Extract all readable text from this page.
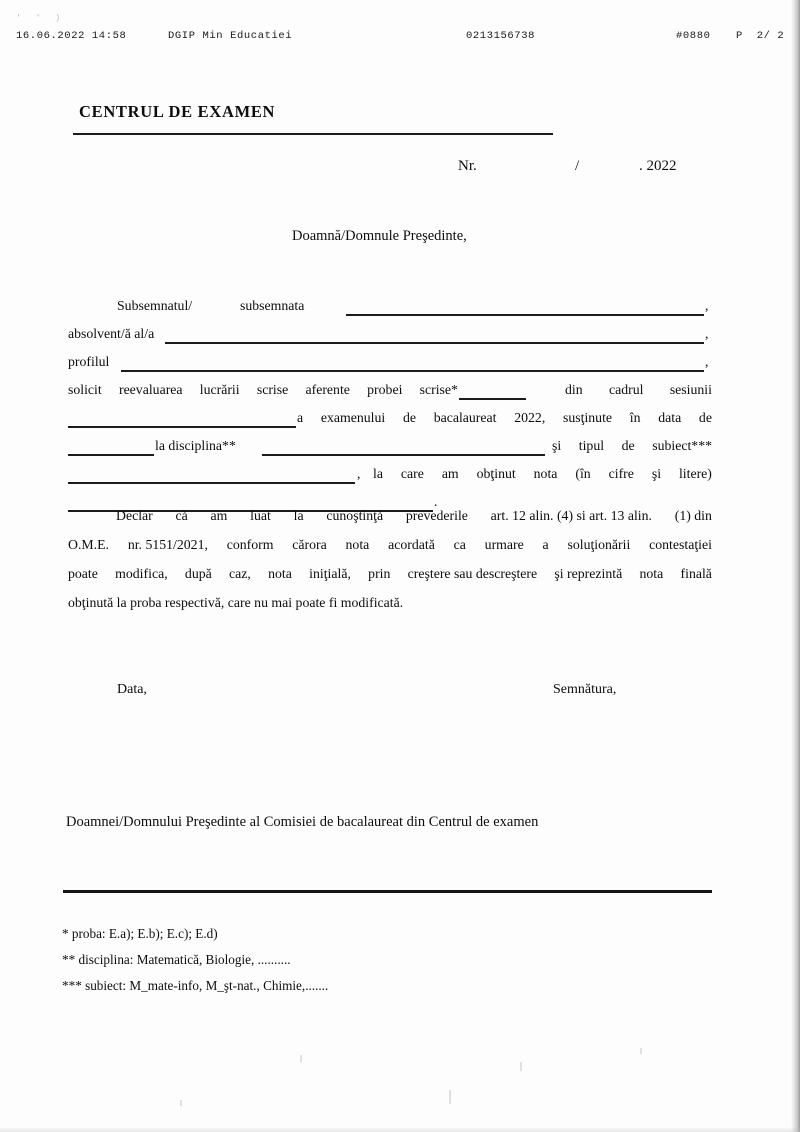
16.06.2022 14:58

	DGIP Min Educatiei

	0213156738

	#0880

P  2/ 2

' ' )
CENTRUL DE EXAMEN
Nr.	/	. 2022
Doamnă/Domnule Preşedinte,
Subsemnatul/	subsemnata	,
absolvent/ă al/a	,
profilul	,
solicit reevaluarea lucrării scrise aferente probei scrise*	din cadrul sesiunii
a examenului de bacalaureat 2022, susţinute în data de
la disciplina**	şi tipul de subiect***
, la care am obţinut nota (în cifre şi litere)
.
Declar că am luat la cunoştinţă prevederile art. 12 alin. (4) si art. 13 alin. (1) din
O.M.E. nr. 5151/2021, conform cărora nota acordată ca urmare a soluţionării contestaţiei
poate modifica, după caz, nota iniţială, prin creştere sau descreştere şi reprezintă nota finală
obţinută la proba respectivă, care nu mai poate fi modificată.
Data,	Semnătura,
Doamnei/Domnului Preşedinte al Comisiei de bacalaureat din Centrul de examen
* proba: E.a); E.b); E.c); E.d)
** disciplina: Matematică, Biologie, ..........
*** subiect: M_mate-info, M_şt-nat., Chimie,.......
